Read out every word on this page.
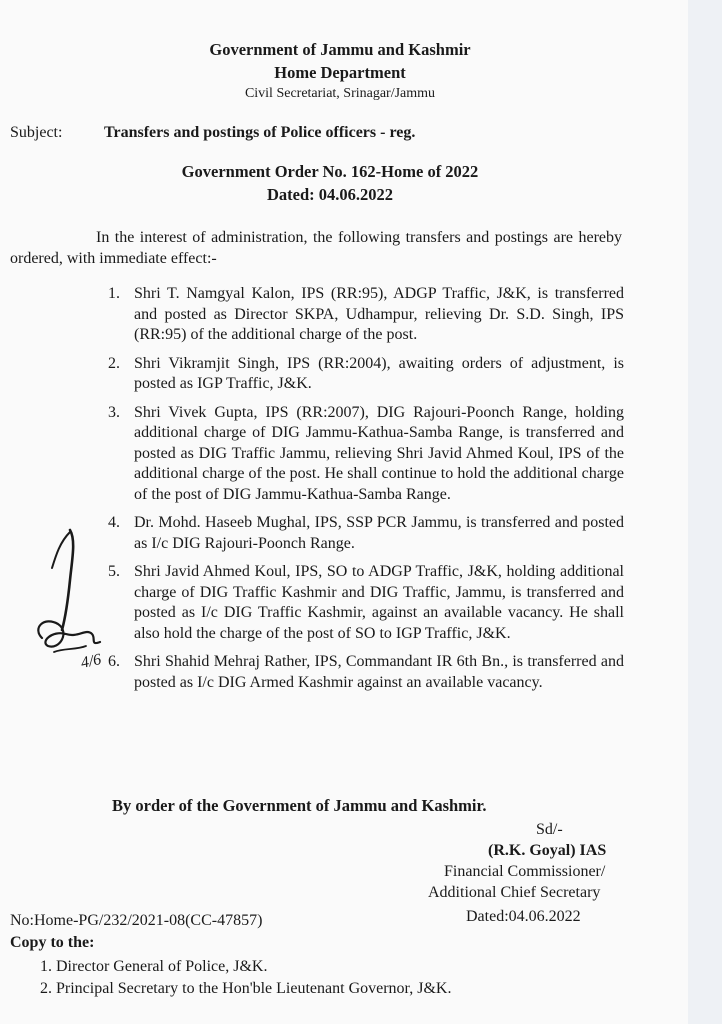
Government of Jammu and Kashmir
Home Department
Civil Secretariat, Srinagar/Jammu
Subject:	Transfers and postings of Police officers - reg.
Government Order No. 162-Home of 2022
Dated: 04.06.2022
In the interest of administration, the following transfers and postings are hereby ordered, with immediate effect:-
1. Shri T. Namgyal Kalon, IPS (RR:95), ADGP Traffic, J&K, is transferred and posted as Director SKPA, Udhampur, relieving Dr. S.D. Singh, IPS (RR:95) of the additional charge of the post.
2. Shri Vikramjit Singh, IPS (RR:2004), awaiting orders of adjustment, is posted as IGP Traffic, J&K.
3. Shri Vivek Gupta, IPS (RR:2007), DIG Rajouri-Poonch Range, holding additional charge of DIG Jammu-Kathua-Samba Range, is transferred and posted as DIG Traffic Jammu, relieving Shri Javid Ahmed Koul, IPS of the additional charge of the post. He shall continue to hold the additional charge of the post of DIG Jammu-Kathua-Samba Range.
4. Dr. Mohd. Haseeb Mughal, IPS, SSP PCR Jammu, is transferred and posted as I/c DIG Rajouri-Poonch Range.
5. Shri Javid Ahmed Koul, IPS, SO to ADGP Traffic, J&K, holding additional charge of DIG Traffic Kashmir and DIG Traffic, Jammu, is transferred and posted as I/c DIG Traffic Kashmir, against an available vacancy. He shall also hold the charge of the post of SO to IGP Traffic, J&K.
6. Shri Shahid Mehraj Rather, IPS, Commandant IR 6th Bn., is transferred and posted as I/c DIG Armed Kashmir against an available vacancy.
By order of the Government of Jammu and Kashmir.
Sd/-
(R.K. Goyal) IAS
Financial Commissioner/
Additional Chief Secretary
Dated:04.06.2022
No:Home-PG/232/2021-08(CC-47857)
Copy to the:
1. Director General of Police, J&K.
2. Principal Secretary to the Hon'ble Lieutenant Governor, J&K.
4/6
